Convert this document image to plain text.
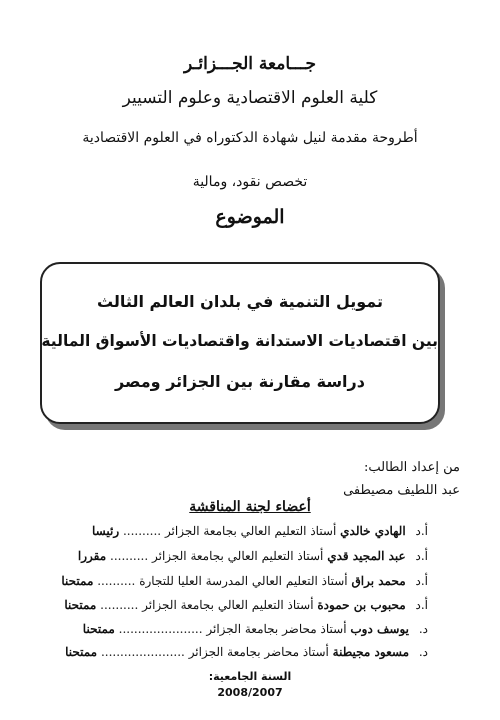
جـــامعة الجـــزائـر
كلية العلوم الاقتصادية وعلوم التسيير
أطروحة مقدمة لنيل شهادة الدكتوراه في العلوم الاقتصادية
تخصص نقود، ومالية
الموضوع
تمويل التنمية في بلدان العالم الثالث
بين اقتصاديات الاستدانة واقتصاديات الأسواق المالية
دراسة مقارنة بين الجزائر ومصر
من إعداد الطالب:
عبد اللطيف مصيطفى
أعضاء لجنة المناقشة
أ.د الهادي خالدي أستاذ التعليم العالي بجامعة الجزائر .......... رئيسا
أ.د عبد المجيد قدي أستاذ التعليم العالي بجامعة الجزائر .......... مقررا
أ.د محمد براق أستاذ التعليم العالي المدرسة العليا للتجارة .......... ممتحنا
أ.د محبوب بن حمودة أستاذ التعليم العالي بجامعة الجزائر .......... ممتحنا
د. يوسف دوب أستاذ محاضر بجامعة الجزائر ...................... ممتحنا
د. مسعود مجيطنة أستاذ محاضر بجامعة الجزائر ...................... ممتحنا
السنة الجامعية:
2008/2007
